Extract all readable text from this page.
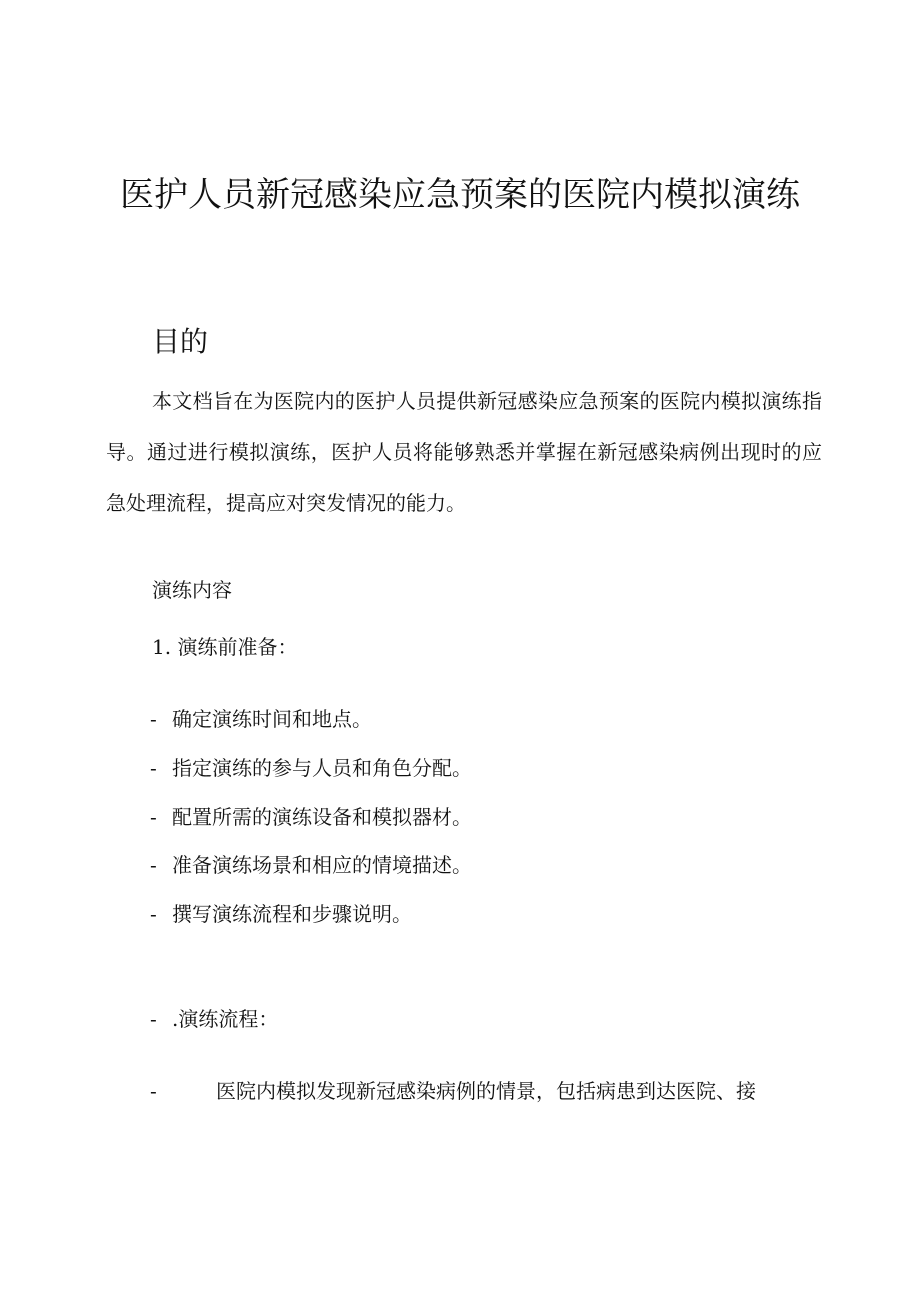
医护人员新冠感染应急预案的医院内模拟演练
目的

本文档旨在为医院内的医护人员提供新冠感染应急预案的医院内模拟演练指导。通过进行模拟演练，医护人员将能够熟悉并掌握在新冠感染病例出现时的应急处理流程，提高应对突发情况的能力。

演练内容

1. 演练前准备：

- 确定演练时间和地点。
- 指定演练的参与人员和角色分配。
- 配置所需的演练设备和模拟器材。
- 准备演练场景和相应的情境描述。
- 撰写演练流程和步骤说明。
- .演练流程：
-	医院内模拟发现新冠感染病例的情景，包括病患到达医院、接
